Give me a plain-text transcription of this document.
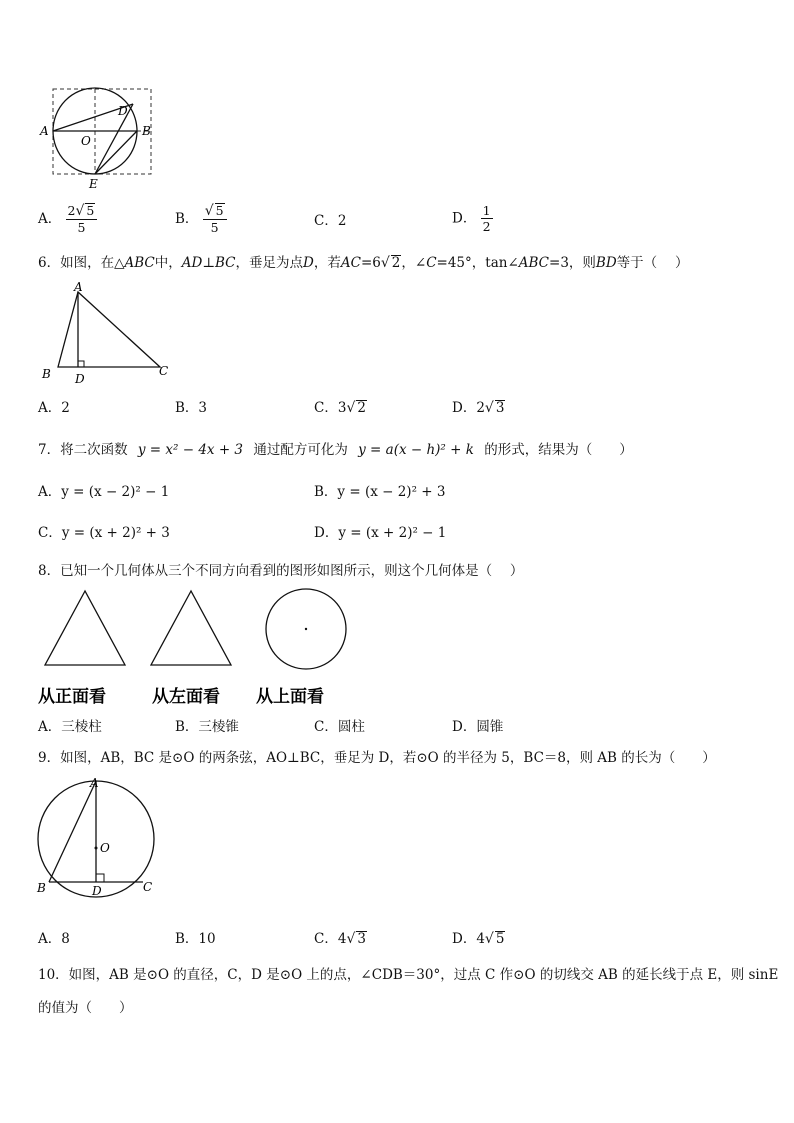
A	B
O
D
E
A． $\frac{2√ 5}{5}$	B． $\frac{√ 5}{5}$	C．2	D． $\frac{1}{2}$
6．如图，在△ABC中，AD⊥BC，垂足为点D，若AC=6√ 2，∠C=45°，tan∠ABC=3，则BD等于（　 ）
A
B D
C
A．2	B．3	C．3√ 2	D．2√ 3
7．将二次函数 y = x² − 4x + 3 通过配方可化为 y = a(x − h)² + k 的形式，结果为（　　）
A．y = (x − 2)² − 1	B．y = (x − 2)² + 3
C．y = (x + 2)² + 3	D．y = (x + 2)² − 1
8．已知一个几何体从三个不同方向看到的图形如图所示，则这个几何体是（　 ）
从正面看	从左面看 从上面看
A．三棱柱	B．三棱锥	C．圆柱	D．圆锥
9．如图，AB，BC 是⊙O 的两条弦，AO⊥BC，垂足为 D，若⊙O 的半径为 5，BC＝8，则 AB 的长为（　　）
A
O
B	D	C
A．8	B．10	C．4√ 3	D．4√ 5
10．如图，AB 是⊙O 的直径，C，D 是⊙O 上的点，∠CDB＝30°，过点 C 作⊙O 的切线交 AB 的延长线于点 E，则 sinE
的值为（　　）
